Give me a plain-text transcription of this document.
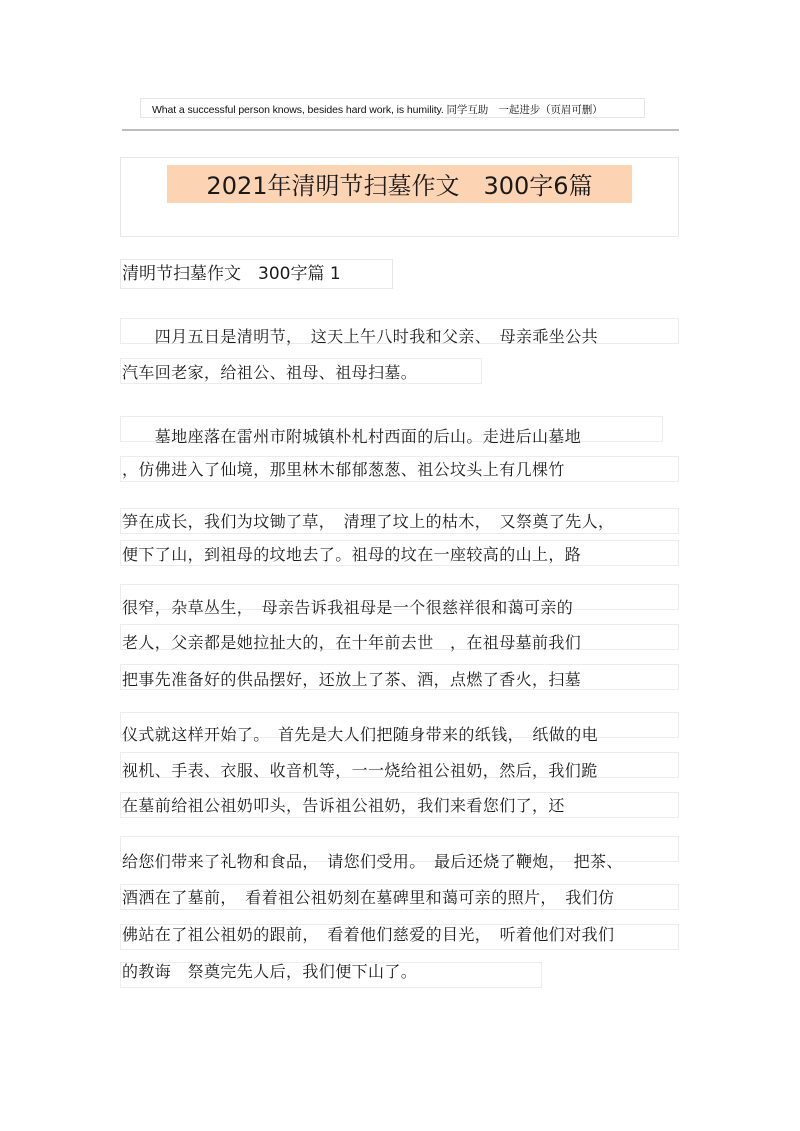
What a successful person knows, besides hard work, is humility. 同学互助　一起进步（页眉可删）
2021年清明节扫墓作文　300字6篇
清明节扫墓作文　300字篇 1
　　四月五日是清明节，　这天上午八时我和父亲、　母亲乖坐公共
汽车回老家，给祖公、祖母、祖母扫墓。
　　墓地座落在雷州市附城镇朴札村西面的后山。走进后山墓地
，仿佛进入了仙境，那里林木郁郁葱葱、祖公坟头上有几棵竹
笋在成长，我们为坟锄了草，　清理了坟上的枯木，　又祭奠了先人，
便下了山，到祖母的坟地去了。祖母的坟在一座较高的山上，路
很窄，杂草丛生，　母亲告诉我祖母是一个很慈祥很和蔼可亲的
老人，父亲都是她拉扯大的，在十年前去世　，在祖母墓前我们
把事先准备好的供品摆好，还放上了茶、酒，点燃了香火，扫墓
仪式就这样开始了。　首先是大人们把随身带来的纸钱，　纸做的电
视机、手表、衣服、收音机等，一一烧给祖公祖奶，然后，我们跪
在墓前给祖公祖奶叩头，告诉祖公祖奶，我们来看您们了，还
给您们带来了礼物和食品，　请您们受用。　最后还烧了鞭炮，　把茶、
酒洒在了墓前，　看着祖公祖奶刻在墓碑里和蔼可亲的照片，　我们仿
佛站在了祖公祖奶的跟前，　看着他们慈爱的目光，　听着他们对我们
的教诲　祭奠完先人后，我们便下山了。
